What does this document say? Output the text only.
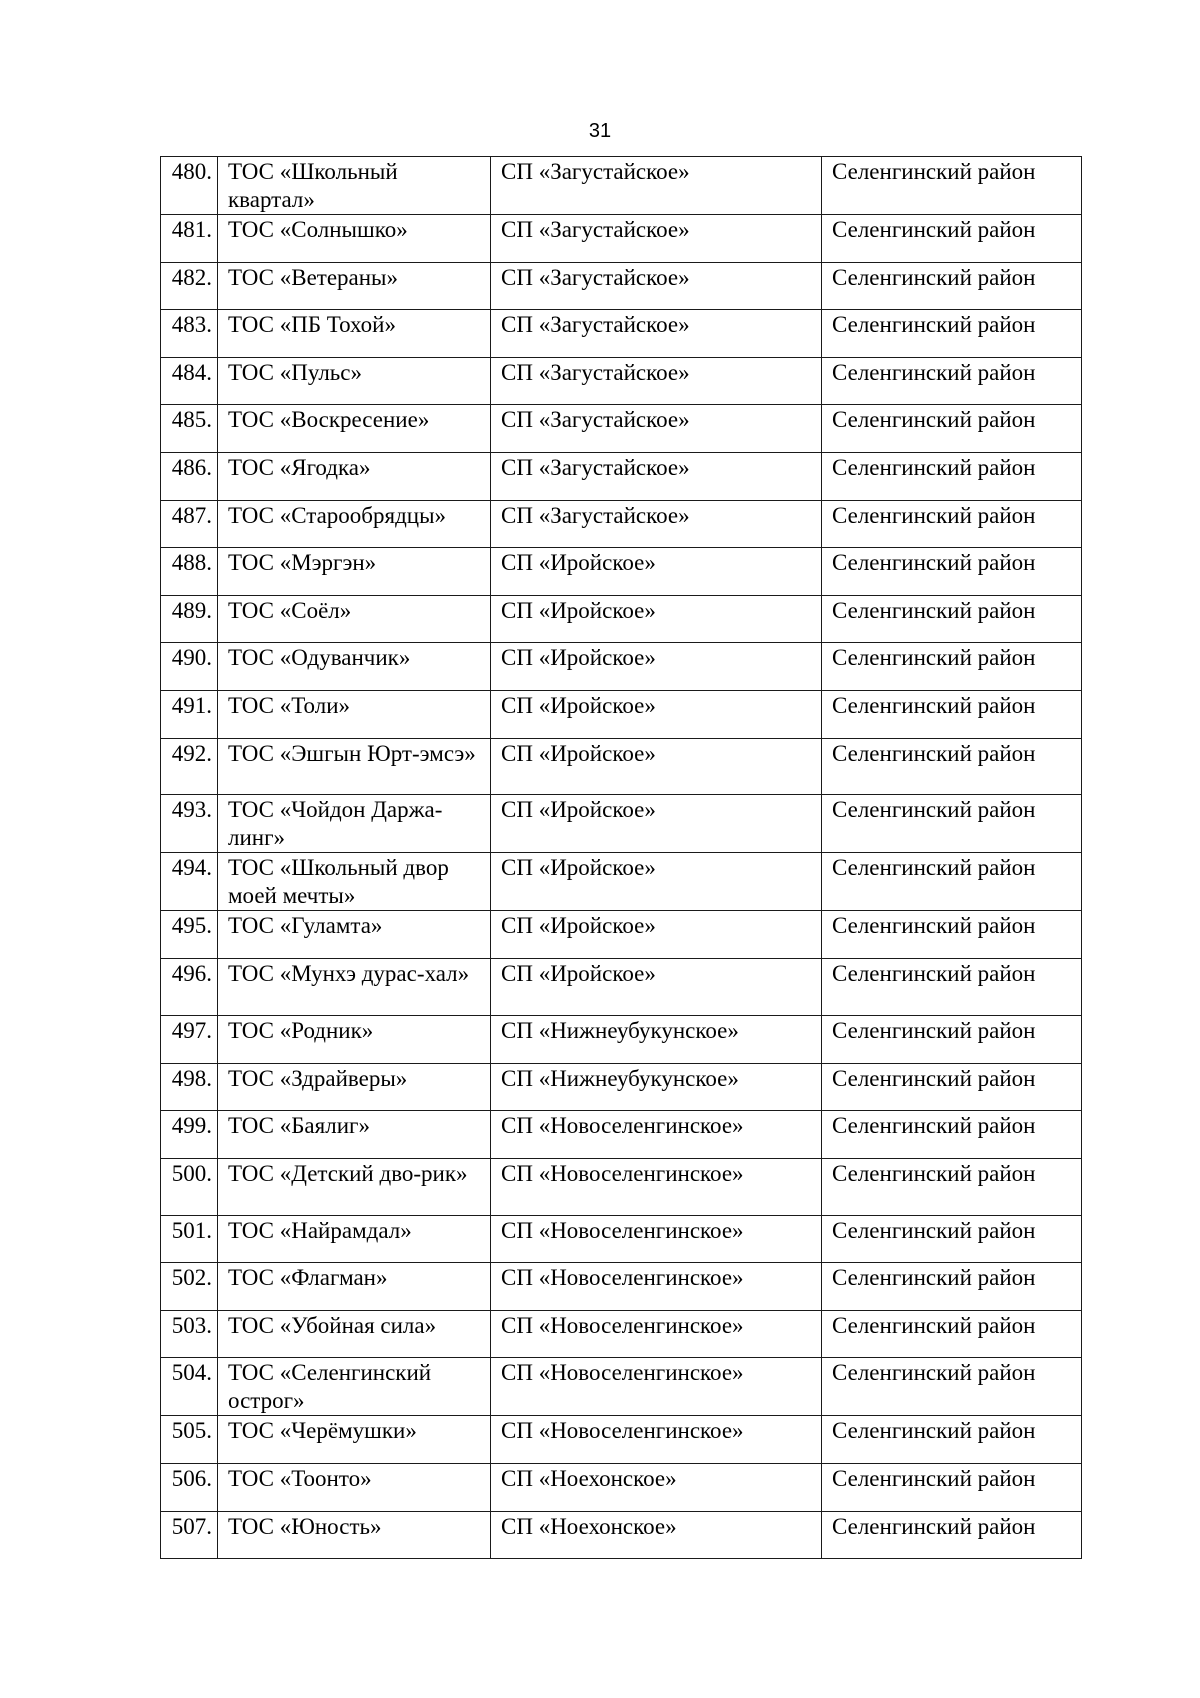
31
480.	ТОС «Школьный квартал»	СП «Загустайское»	Селенгинский район
481.	ТОС «Солнышко»	СП «Загустайское»	Селенгинский район
482.	ТОС «Ветераны»	СП «Загустайское»	Селенгинский район
483.	ТОС «ПБ Тохой»	СП «Загустайское»	Селенгинский район
484.	ТОС «Пульс»	СП «Загустайское»	Селенгинский район
485.	ТОС «Воскресение»	СП «Загустайское»	Селенгинский район
486.	ТОС «Ягодка»	СП «Загустайское»	Селенгинский район
487.	ТОС «Старообрядцы»	СП «Загустайское»	Селенгинский район
488.	ТОС «Мэргэн»	СП «Иройское»	Селенгинский район
489.	ТОС «Соёл»	СП «Иройское»	Селенгинский район
490.	ТОС «Одуванчик»	СП «Иройское»	Селенгинский район
491.	ТОС «Толи»	СП «Иройское»	Селенгинский район
492.	ТОС «Эшгын Юрт-эмсэ»	СП «Иройское»	Селенгинский район
493.	ТОС «Чойдон Даржа-линг»	СП «Иройское»	Селенгинский район
494.	ТОС «Школьный двор моей мечты»	СП «Иройское»	Селенгинский район
495.	ТОС «Гуламта»	СП «Иройское»	Селенгинский район
496.	ТОС «Мунхэ дурас-хал»	СП «Иройское»	Селенгинский район
497.	ТОС «Родник»	СП «Нижнеубукунское»	Селенгинский район
498.	ТОС «Здрайверы»	СП «Нижнеубукунское»	Селенгинский район
499.	ТОС «Баялиг»	СП «Новоселенгинское»	Селенгинский район
500.	ТОС «Детский дво-рик»	СП «Новоселенгинское»	Селенгинский район
501.	ТОС «Найрамдал»	СП «Новоселенгинское»	Селенгинский район
502.	ТОС «Флагман»	СП «Новоселенгинское»	Селенгинский район
503.	ТОС «Убойная сила»	СП «Новоселенгинское»	Селенгинский район
504.	ТОС «Селенгинский острог»	СП «Новоселенгинское»	Селенгинский район
505.	ТОС «Черёмушки»	СП «Новоселенгинское»	Селенгинский район
506.	ТОС «Тоонто»	СП «Ноехонское»	Селенгинский район
507.	ТОС «Юность»	СП «Ноехонское»	Селенгинский район
